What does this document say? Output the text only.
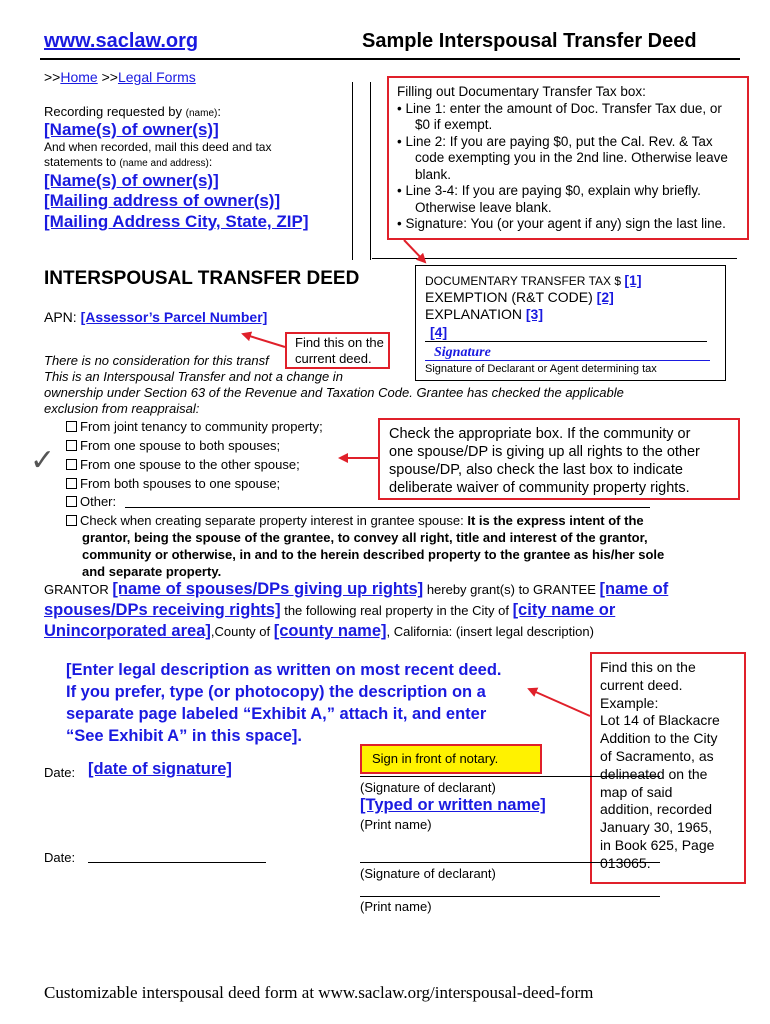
www.saclaw.org	Sample Interspousal Transfer Deed
>>Home >>Legal Forms
Recording requested by (name):
[Name(s) of owner(s)]
And when recorded, mail this deed and tax
statements to (name and address):
[Name(s) of owner(s)]
[Mailing address of owner(s)]
[Mailing Address City, State, ZIP]
Filling out Documentary Transfer Tax box:
• Line 1: enter the amount of Doc. Transfer Tax due, or
$0 if exempt.
• Line 2: If you are paying $0, put the Cal. Rev. & Tax
code exempting you in the 2nd line. Otherwise leave
blank.
• Line 3-4: If you are paying $0, explain why briefly.
Otherwise leave blank.
• Signature: You (or your agent if any) sign the last line.
INTERSPOUSAL TRANSFER DEED	DOCUMENTARY TRANSFER TAX $ [1]
EXEMPTION (R&T CODE) [2]
EXPLANATION [3]
[4]
Signature
Signature of Declarant or Agent determining tax
APN: [Assessor’s Parcel Number]
Find this on the
current deed.
There is no consideration for this transf
This is an Interspousal Transfer and not a change in
ownership under Section 63 of the Revenue and Taxation Code. Grantee has checked the applicable
exclusion from reappraisal:
From joint tenancy to community property;
From one spouse to both spouses;
✓	From one spouse to the other spouse;
From both spouses to one spouse;
Other:
Check when creating separate property interest in grantee spouse: It is the express intent of the
grantor, being the spouse of the grantee, to convey all right, title and interest of the grantor,
community or otherwise, in and to the herein described property to the grantee as his/her sole
and separate property.
Check the appropriate box. If the community or
one spouse/DP is giving up all rights to the other
spouse/DP, also check the last box to indicate
deliberate waiver of community property rights.
GRANTOR [name of spouses/DPs giving up rights] hereby grant(s) to GRANTEE [name of
spouses/DPs receiving rights] the following real property in the City of [city name or
Unincorporated area],County of [county name], California: (insert legal description)
[Enter legal description as written on most recent deed.
If you prefer, type (or photocopy) the description on a
separate page labeled “Exhibit A,” attach it, and enter
“See Exhibit A” in this space].
Find this on the
current deed.
Example:
Lot 14 of Blackacre
Addition to the City
of Sacramento, as
delineated on the
map of said
addition, recorded
January 30, 1965,
in Book 625, Page
013065.
Sign in front of notary.
Date: [date of signature]
(Signature of declarant)
[Typed or written name]
(Print name)
Date:
(Signature of declarant)
(Print name)
Customizable interspousal deed form at www.saclaw.org/interspousal-deed-form
